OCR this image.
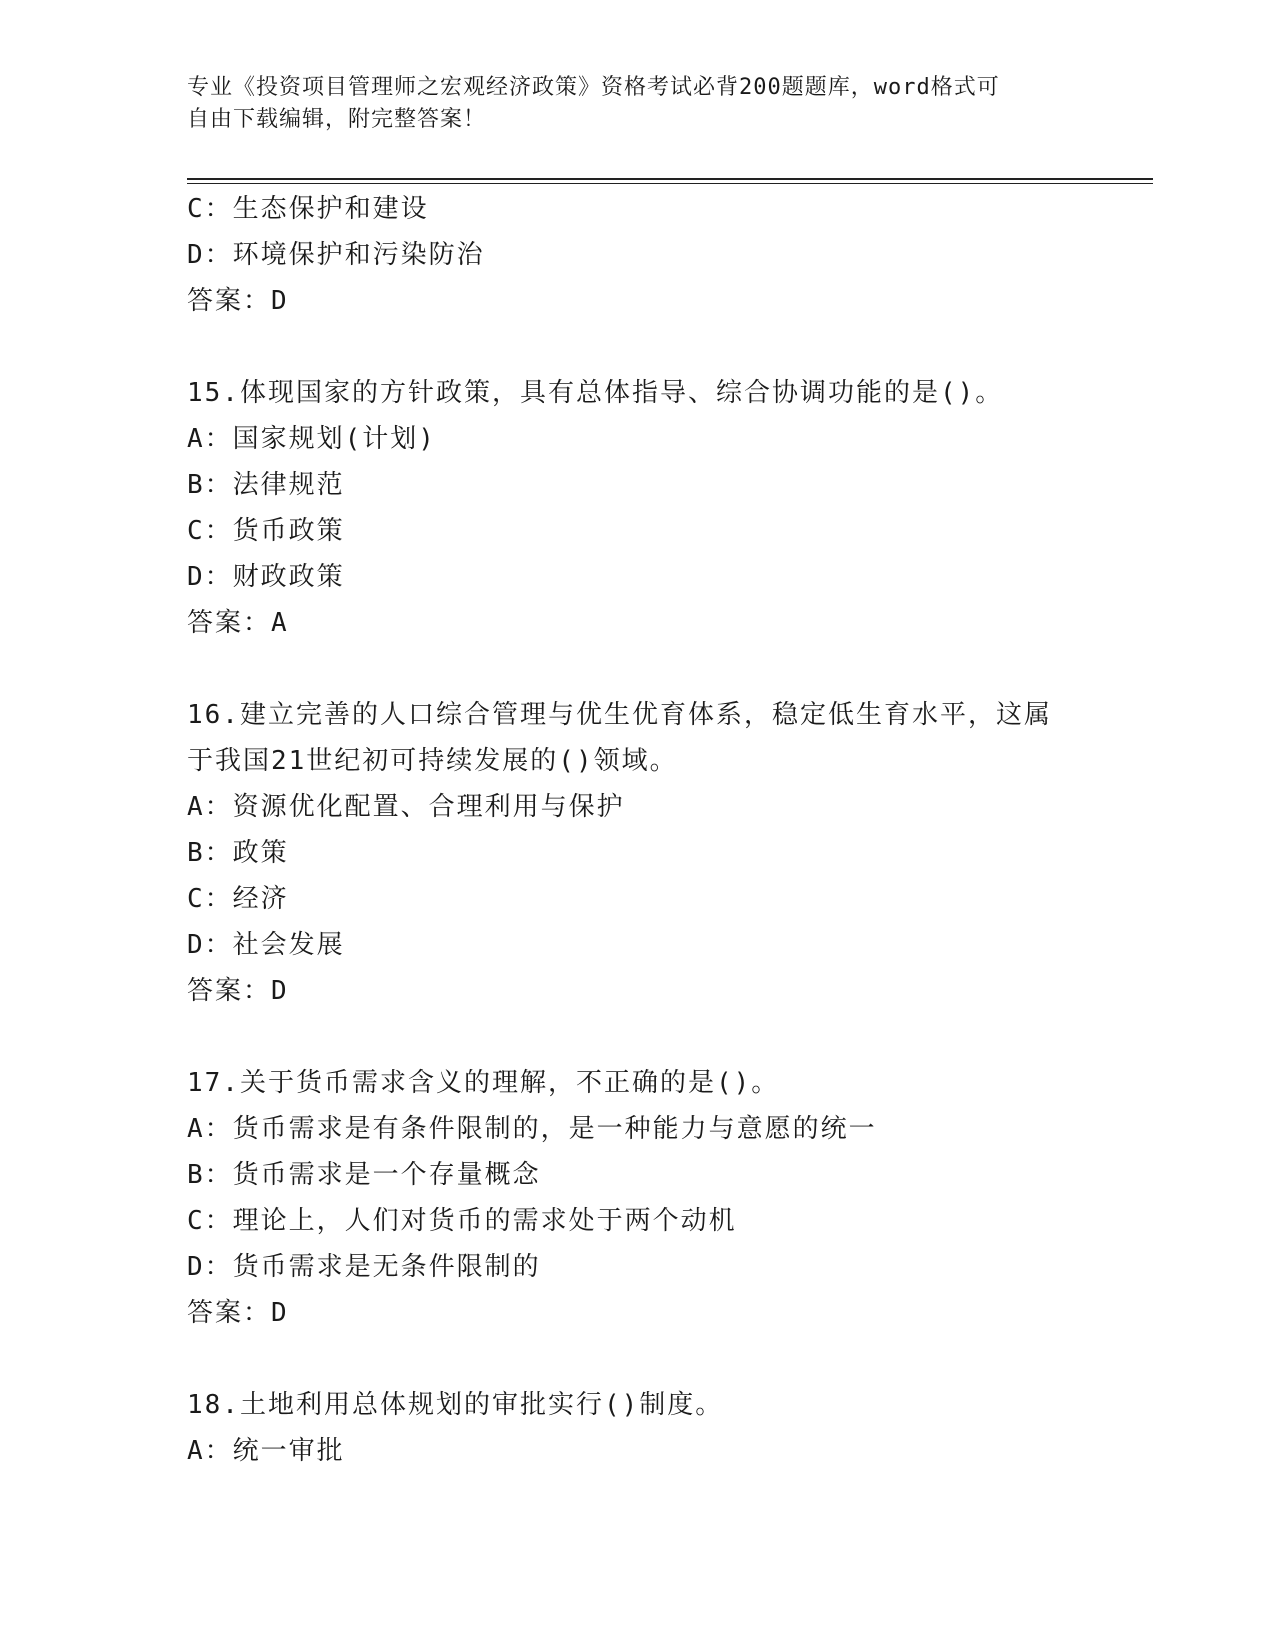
专业《投资项目管理师之宏观经济政策》资格考试必背200题题库，word格式可
自由下载编辑，附完整答案！
C：生态保护和建设
D：环境保护和污染防治
答案：D
15.体现国家的方针政策，具有总体指导、综合协调功能的是()。
A：国家规划(计划)
B：法律规范
C：货币政策
D：财政政策
答案：A
16.建立完善的人口综合管理与优生优育体系，稳定低生育水平，这属
于我国21世纪初可持续发展的()领域。
A：资源优化配置、合理利用与保护
B：政策
C：经济
D：社会发展
答案：D
17.关于货币需求含义的理解，不正确的是()。
A：货币需求是有条件限制的，是一种能力与意愿的统一
B：货币需求是一个存量概念
C：理论上，人们对货币的需求处于两个动机
D：货币需求是无条件限制的
答案：D
18.土地利用总体规划的审批实行()制度。
A：统一审批
